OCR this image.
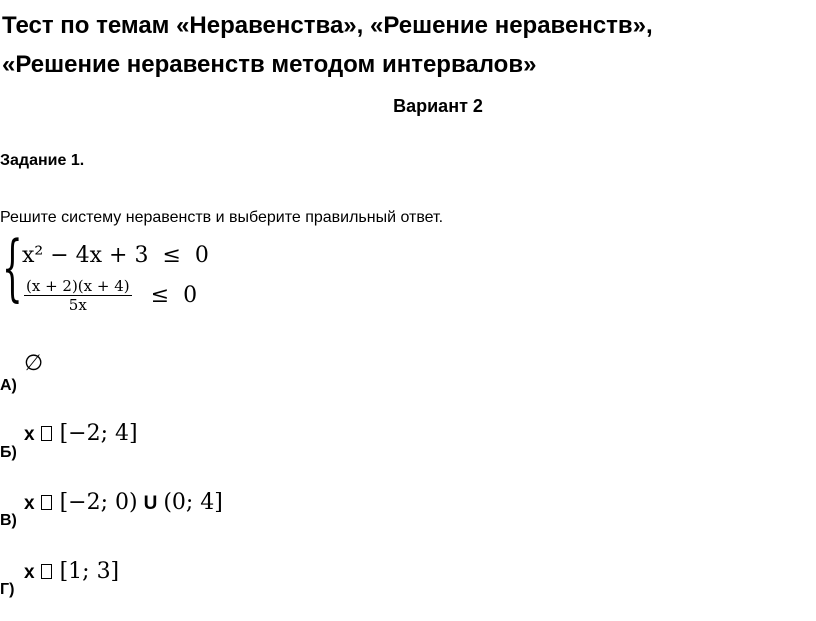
Тест по темам «Неравенства», «Решение неравенств»,
«Решение неравенств методом интервалов»
Вариант 2
Задание 1.
Решите систему неравенств и выберите правильный ответ.
{ x² − 4x + 3 ≤ 0
$\frac{(x + 2)(x + 4)}{5x} \le 0$
А)
∅
Б)
x [−2; 4]
В)
x [−2; 0) U (0; 4]
Г)
x [1; 3]
